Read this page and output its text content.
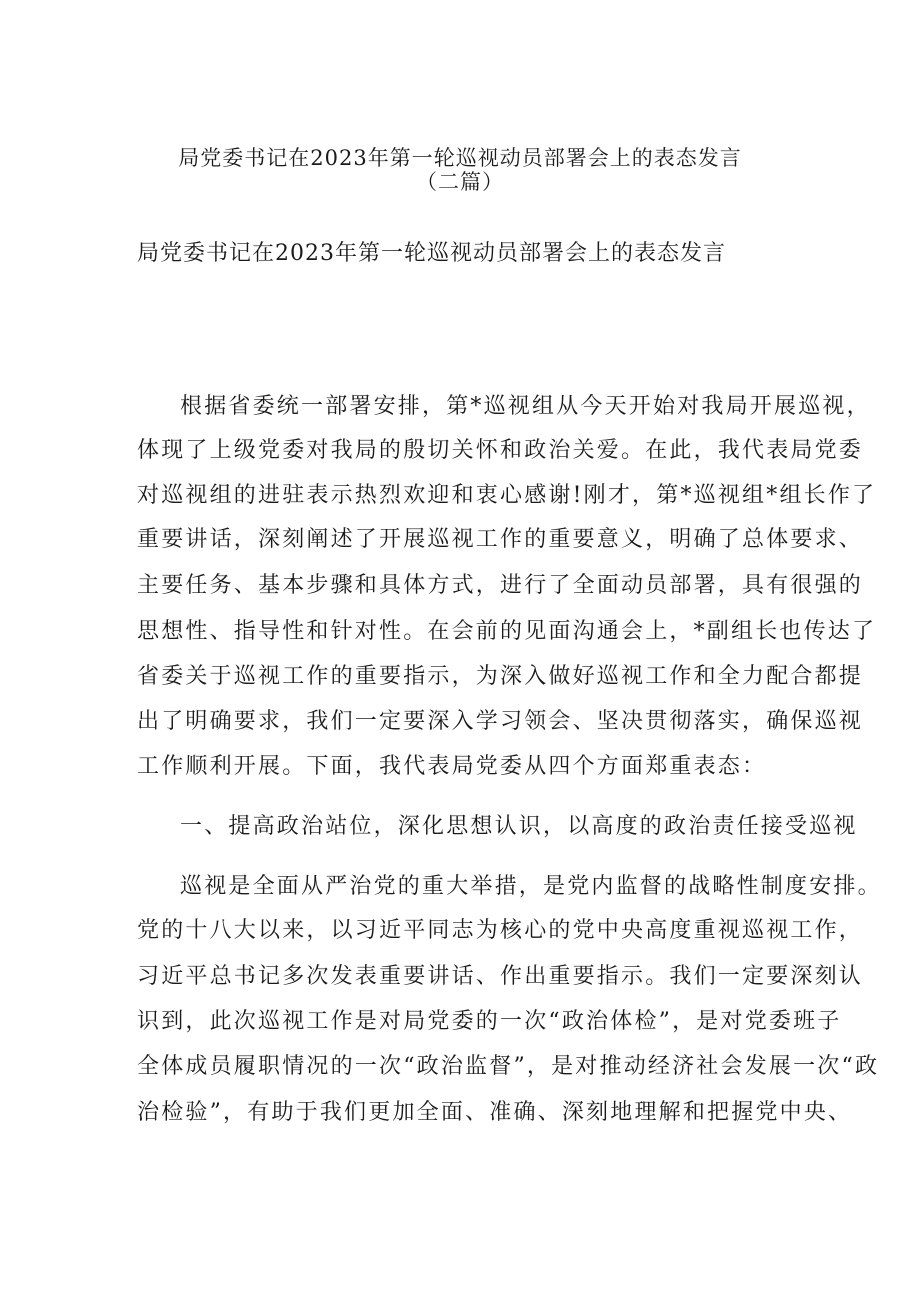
局党委书记在2023年第一轮巡视动员部署会上的表态发言
（二篇）
局党委书记在2023年第一轮巡视动员部署会上的表态发言
根据省委统一部署安排，第*巡视组从今天开始对我局开展巡视，
体现了上级党委对我局的殷切关怀和政治关爱。在此，我代表局党委
对巡视组的进驻表示热烈欢迎和衷心感谢!刚才，第*巡视组*组长作了
重要讲话，深刻阐述了开展巡视工作的重要意义，明确了总体要求、
主要任务、基本步骤和具体方式，进行了全面动员部署，具有很强的
思想性、指导性和针对性。在会前的见面沟通会上，*副组长也传达了
省委关于巡视工作的重要指示，为深入做好巡视工作和全力配合都提
出了明确要求，我们一定要深入学习领会、坚决贯彻落实，确保巡视
工作顺利开展。下面，我代表局党委从四个方面郑重表态：
一、提高政治站位，深化思想认识，以高度的政治责任接受巡视
巡视是全面从严治党的重大举措，是党内监督的战略性制度安排。
党的十八大以来，以习近平同志为核心的党中央高度重视巡视工作，
习近平总书记多次发表重要讲话、作出重要指示。我们一定要深刻认
识到，此次巡视工作是对局党委的一次“政治体检”，是对党委班子
全体成员履职情况的一次“政治监督”，是对推动经济社会发展一次“政
治检验”，有助于我们更加全面、准确、深刻地理解和把握党中央、
